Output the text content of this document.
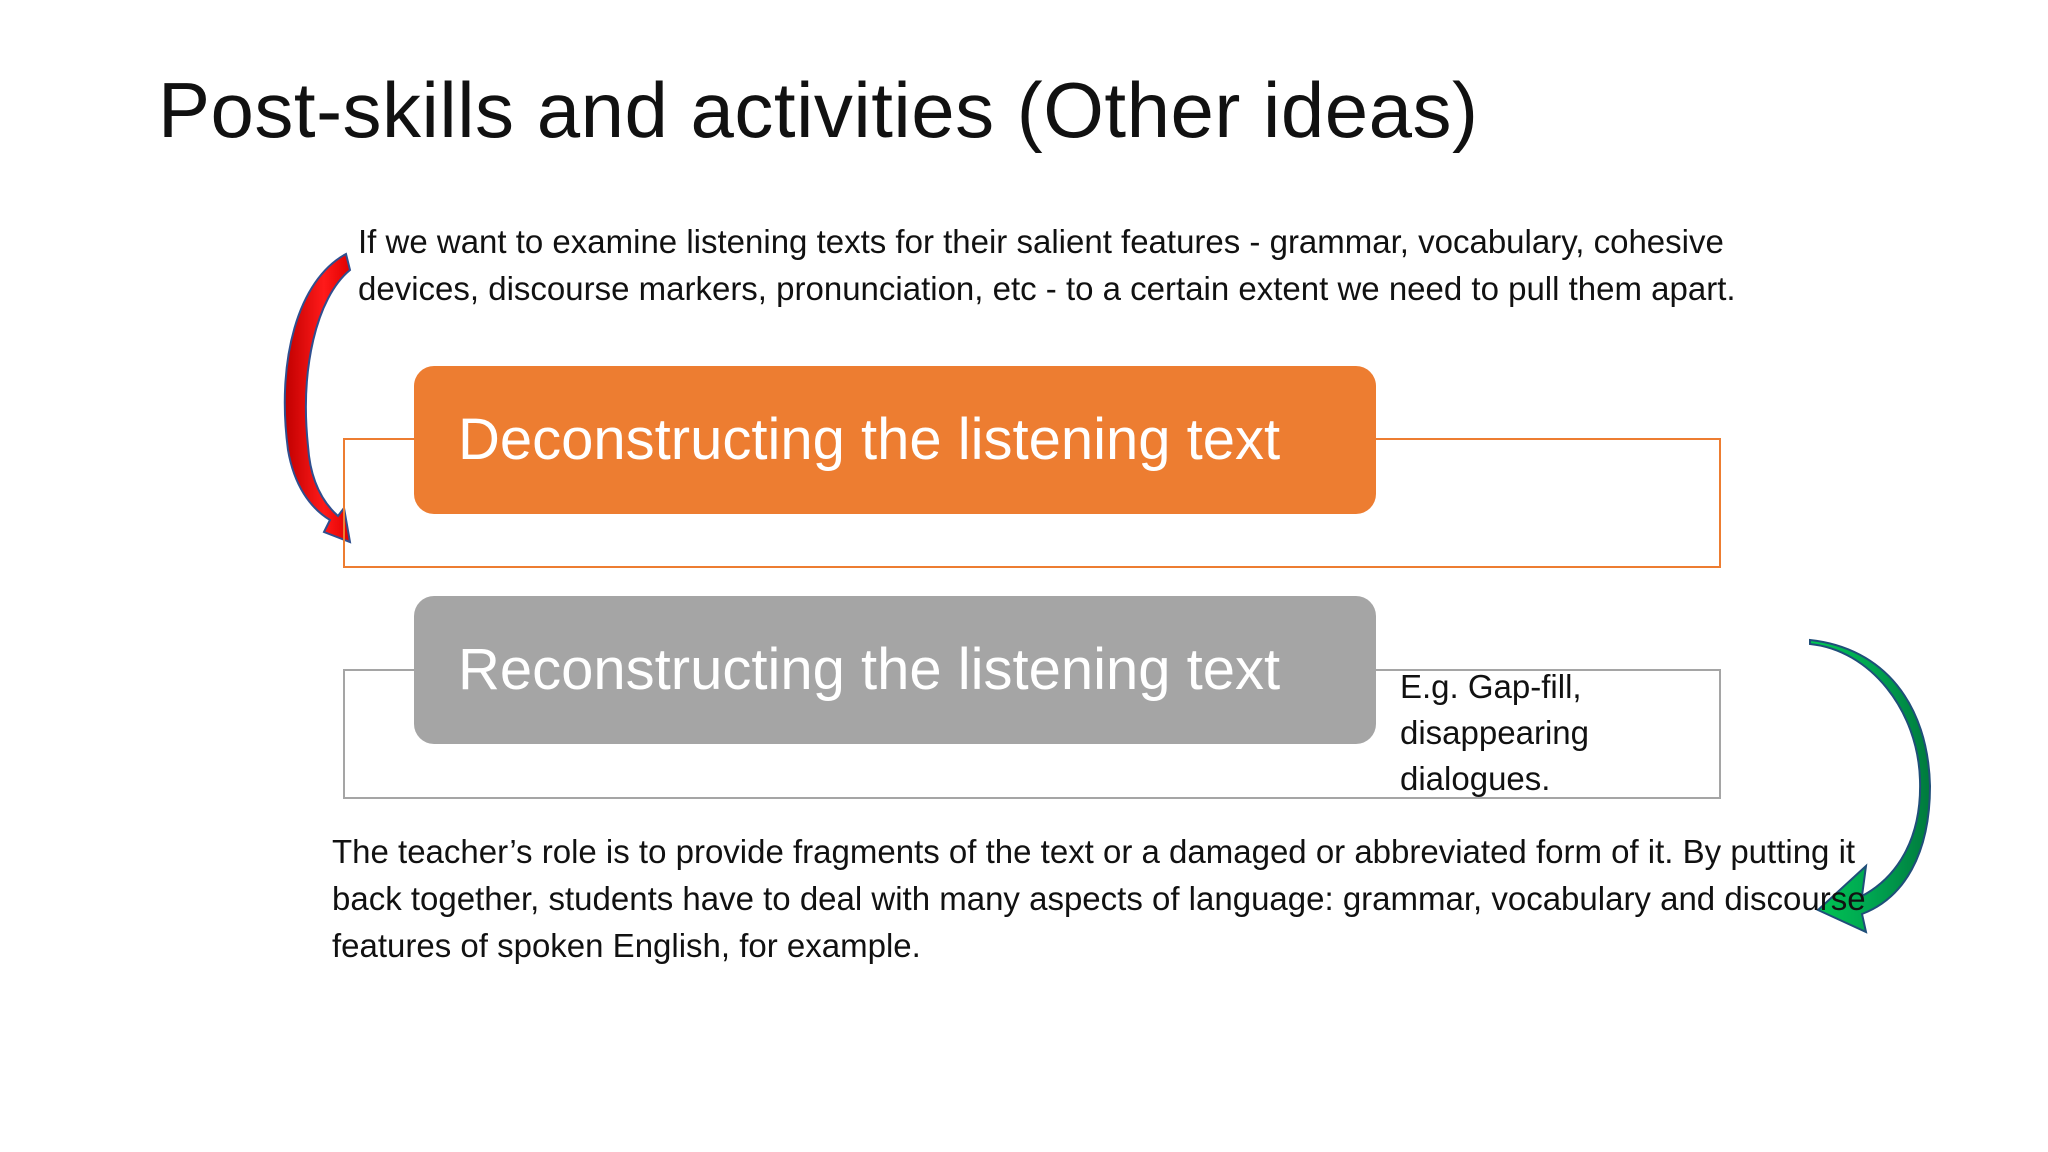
Post-skills and activities (Other ideas)
If we want to examine listening texts for their salient features - grammar, vocabulary, cohesive devices, discourse markers, pronunciation, etc - to a certain extent we need to pull them apart.
Deconstructing the listening text
Reconstructing the listening text	E.g. Gap-fill, disappearing dialogues.
The teacher’s role is to provide fragments of the text or a damaged or abbreviated form of it. By putting it back together, students have to deal with many aspects of language: grammar, vocabulary and discourse features of spoken English, for example.
